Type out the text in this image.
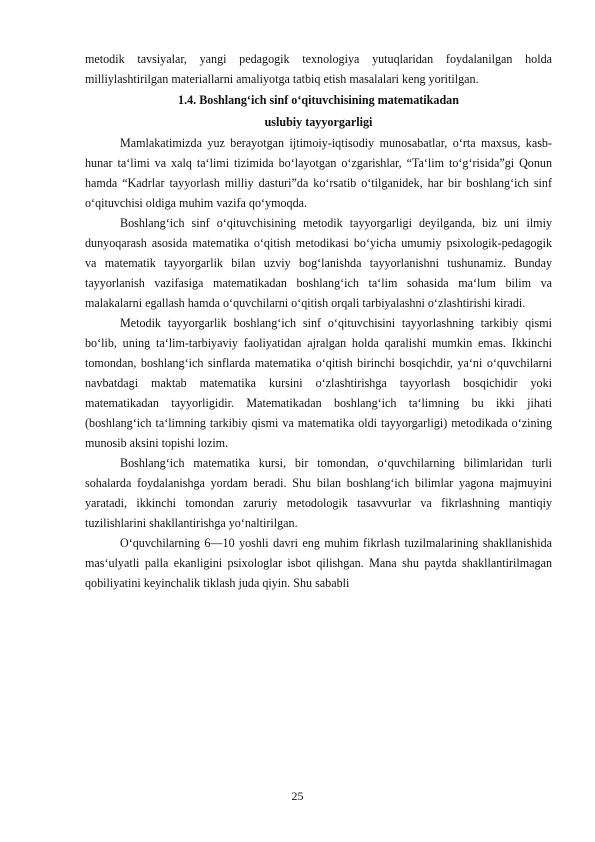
metodik tavsiyalar, yangi pedagogik texnologiya yutuqlaridan foydalanilgan holda milliylashtirilgan materiallarni amaliyotga tatbiq etish masalalari keng yoritilgan.

1.4. Boshlang‘ich sinf o‘qituvchisining matematikadan

uslubiy tayyorgarligi

Mamlakatimizda yuz berayotgan ijtimoiy-iqtisodiy munosabatlar, o‘rta maxsus, kasb-hunar ta‘limi va xalq ta‘limi tizimida bo‘layotgan o‘zgarishlar, “Ta‘lim to‘g‘risida”gi Qonun hamda “Kadrlar tayyorlash milliy dasturi”da ko‘rsatib o‘tilganidek, har bir boshlang‘ich sinf o‘qituvchisi oldiga muhim vazifa qo‘ymoqda.

Boshlang‘ich sinf o‘qituvchisining metodik tayyorgarligi deyilganda, biz uni ilmiy dunyoqarash asosida matematika o‘qitish metodikasi bo‘yicha umumiy psixologik-pedagogik va matematik tayyorgarlik bilan uzviy bog‘lanishda tayyorlanishni tushunamiz. Bunday tayyorlanish vazifasiga matematikadan boshlang‘ich ta‘lim sohasida ma‘lum bilim va malakalarni egallash hamda o‘quvchilarni o‘qitish orqali tarbiyalashni o‘zlashtirishi kiradi.

Metodik tayyorgarlik boshlang‘ich sinf o‘qituvchisini tayyorlashning tarkibiy qismi bo‘lib, uning ta‘lim-tarbiyaviy faoliyatidan ajralgan holda qaralishi mumkin emas. Ikkinchi tomondan, boshlang‘ich sinflarda matematika o‘qitish birinchi bosqichdir, ya‘ni o‘quvchilarni navbatdagi maktab matematika kursini o‘zlashtirishga tayyorlash bosqichidir yoki matematikadan tayyorligidir. Matematikadan boshlang‘ich ta‘limning bu ikki jihati (boshlang‘ich ta‘limning tarkibiy qismi va matematika oldi tayyorgarligi) metodikada o‘zining munosib aksini topishi lozim.

Boshlang‘ich matematika kursi, bir tomondan, o‘quvchilarning bilimlaridan turli sohalarda foydalanishga yordam beradi. Shu bilan boshlang‘ich bilimlar yagona majmuyini yaratadi, ikkinchi tomondan zaruriy metodologik tasavvurlar va fikrlashning mantiqiy tuzilishlarini shakllantirishga yo‘naltirilgan.

O‘quvchilarning 6—10 yoshli davri eng muhim fikrlash tuzilmalarining shakllanishida mas‘ulyatli palla ekanligini psixologlar isbot qilishgan. Mana shu paytda shakllantirilmagan qobiliyatini keyinchalik tiklash juda qiyin. Shu sababli

25
